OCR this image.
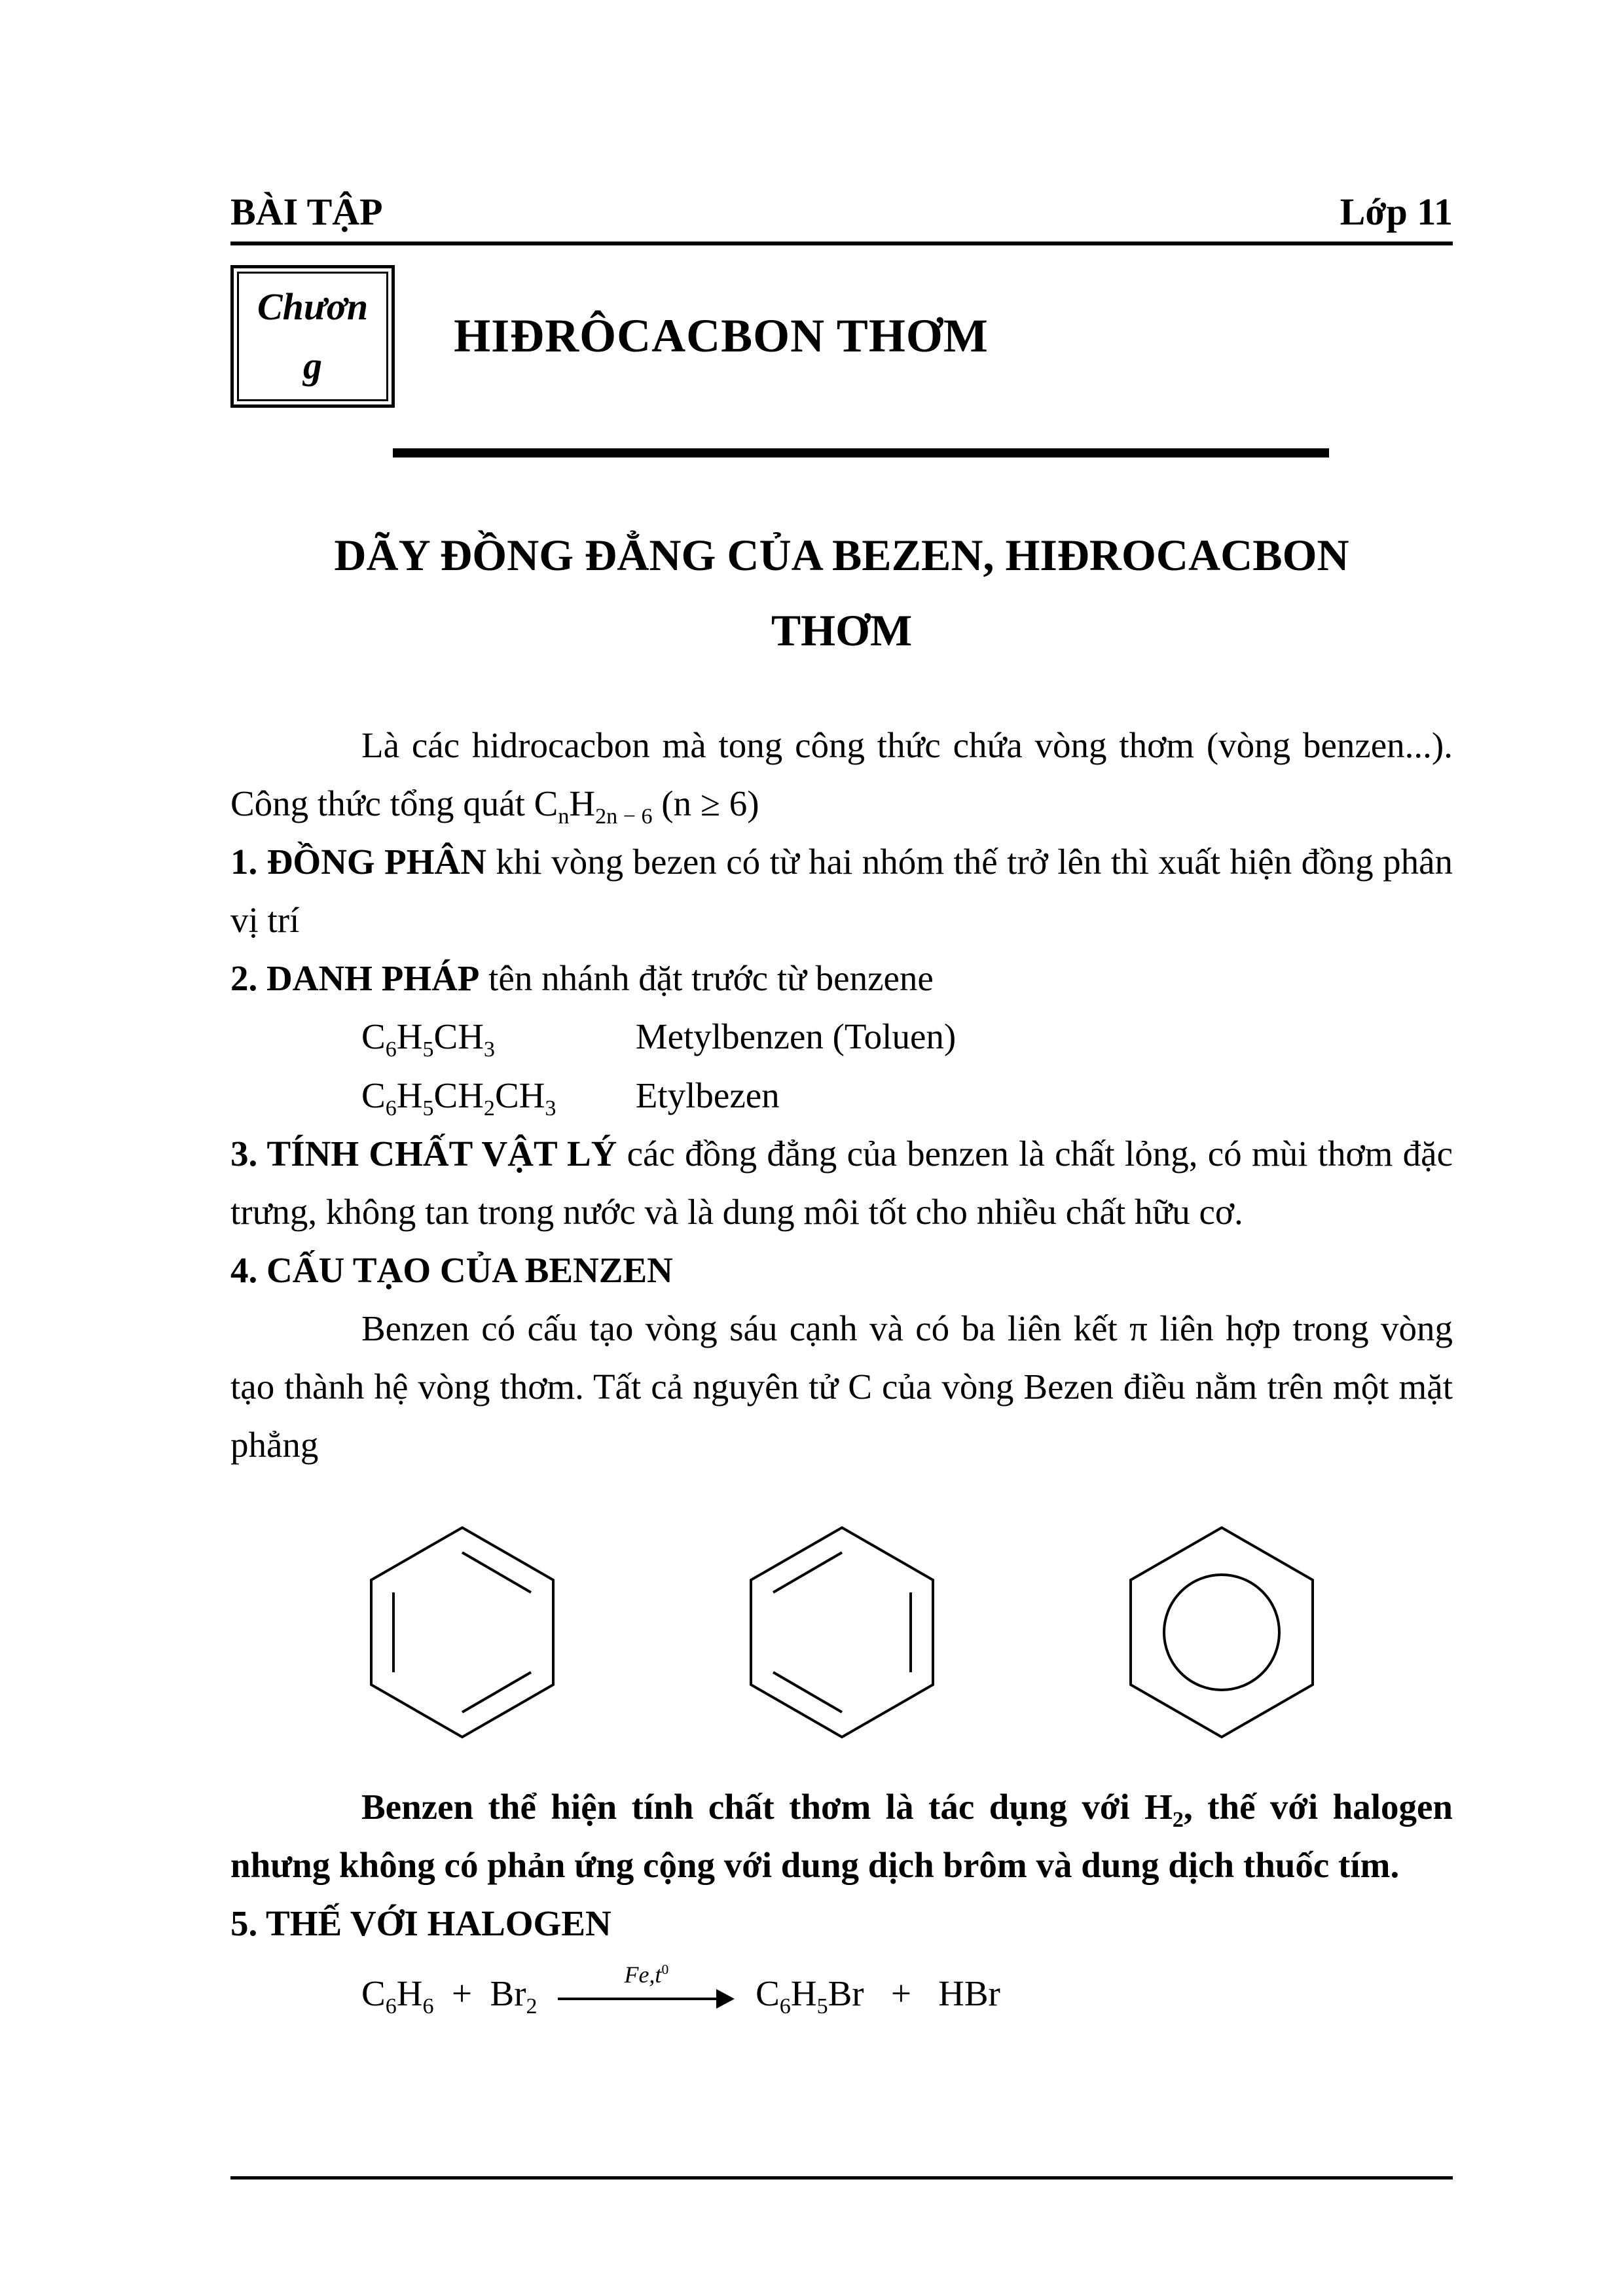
BÀI TẬP	Lớp 11
Chươn
g
HIĐRÔCACBON THƠM
DÃY ĐỒNG ĐẲNG CỦA BEZEN, HIĐROCACBON
THƠM

Là các hidrocacbon mà tong công thức chứa vòng thơm (vòng benzen...). Công thức tổng quát $C_nH_{2n - 6}$ (n ≥ 6)

1. ĐỒNG PHÂN khi vòng bezen có từ hai nhóm thế trở lên thì xuất hiện đồng phân vị trí

2. DANH PHÁP tên nhánh đặt trước từ benzene

$C_6H_5CH_3$	Metylbenzen (Toluen)
$C_6H_5CH_2CH_3$ Etylbezen

3. TÍNH CHẤT VẬT LÝ các đồng đẳng của benzen là chất lỏng, có mùi thơm đặc trưng, không tan trong nước và là dung môi tốt cho nhiều chất hữu cơ.

4. CẤU TẠO CỦA BENZEN

Benzen có cấu tạo vòng sáu cạnh và có ba liên kết π liên hợp trong vòng tạo thành hệ vòng thơm. Tất cả nguyên tử C của vòng Bezen điều nằm trên một mặt phẳng

Benzen thể hiện tính chất thơm là tác dụng với $H_2$, thế với halogen nhưng không có phản ứng cộng với dung dịch brôm và dung dịch thuốc tím.

5. THẾ VỚI HALOGEN

$C_6H_6 + Br_2$
$Fe,t^0$
$C_6H_5Br$   +   HBr
